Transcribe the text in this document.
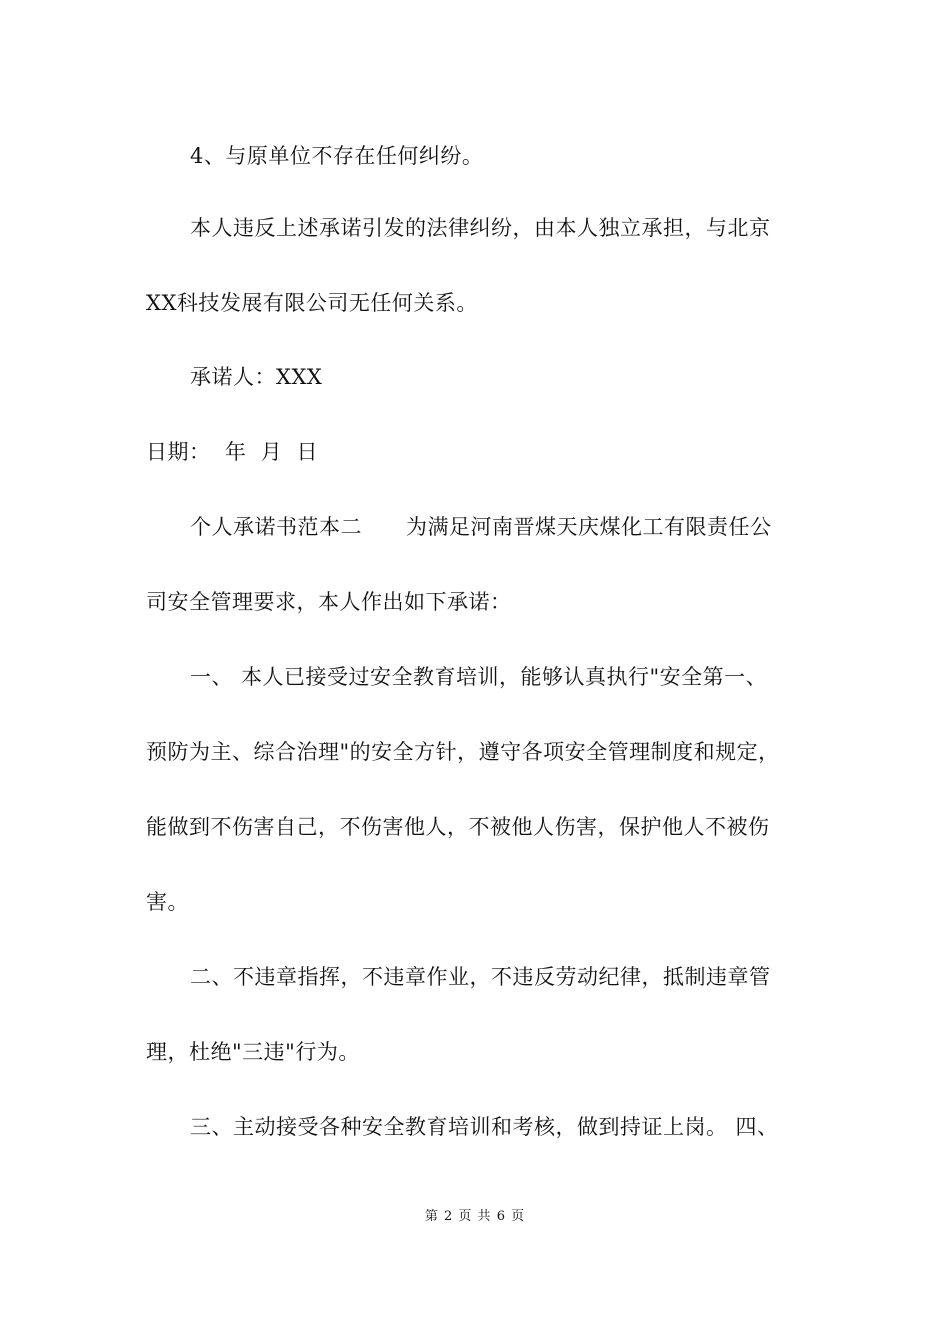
4、与原单位不存在任何纠纷。
本人违反上述承诺引发的法律纠纷，由本人独立承担，与北京
XX科技发展有限公司无任何关系。
承诺人：XXX
日期：  年  月  日
个人承诺书范本二 为满足河南晋煤天庆煤化工有限责任公
司安全管理要求，本人作出如下承诺：
一、 本人已接受过安全教育培训，能够认真执行"安全第一、
预防为主、综合治理"的安全方针，遵守各项安全管理制度和规定，
能做到不伤害自己，不伤害他人，不被他人伤害，保护他人不被伤
害。
二、不违章指挥，不违章作业，不违反劳动纪律，抵制违章管
理，杜绝"三违"行为。
三、主动接受各种安全教育培训和考核，做到持证上岗。 四、
第 2 页 共 6 页
